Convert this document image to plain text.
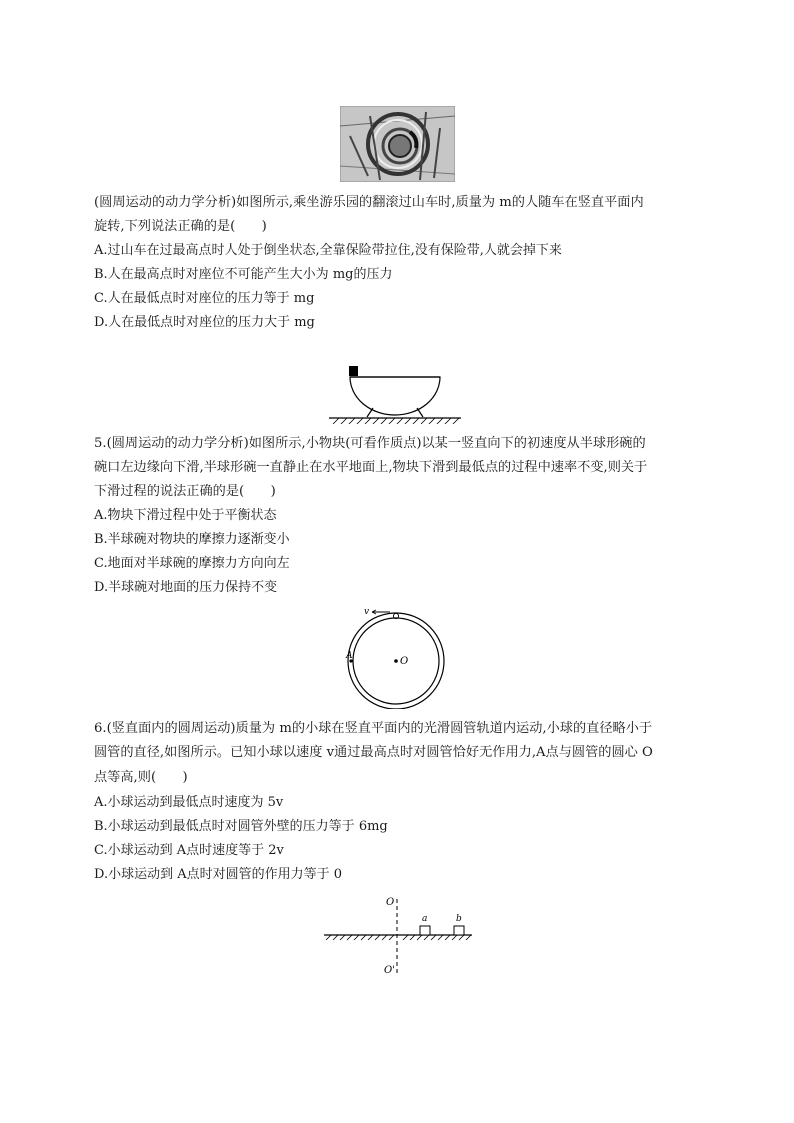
(圆周运动的动力学分析)如图所示,乘坐游乐园的翻滚过山车时,质量为 m的人随车在竖直平面内
旋转,下列说法正确的是(　　)
A.过山车在过最高点时人处于倒坐状态,全靠保险带拉住,没有保险带,人就会掉下来
B.人在最高点时对座位不可能产生大小为 mg的压力
C.人在最低点时对座位的压力等于 mg
D.人在最低点时对座位的压力大于 mg
5.(圆周运动的动力学分析)如图所示,小物块(可看作质点)以某一竖直向下的初速度从半球形碗的
碗口左边缘向下滑,半球形碗一直静止在水平地面上,物块下滑到最低点的过程中速率不变,则关于
下滑过程的说法正确的是(　　)
A.物块下滑过程中处于平衡状态
B.半球碗对物块的摩擦力逐渐变小
C.地面对半球碗的摩擦力方向向左
D.半球碗对地面的压力保持不变
v
A	O
6.(竖直面内的圆周运动)质量为 m的小球在竖直平面内的光滑圆管轨道内运动,小球的直径略小于
圆管的直径,如图所示。已知小球以速度 v通过最高点时对圆管恰好无作用力,A点与圆管的圆心 O
点等高,则(　　)
A.小球运动到最低点时速度为 5v
B.小球运动到最低点时对圆管外壁的压力等于 6mg
C.小球运动到 A点时速度等于 2v
D.小球运动到 A点时对圆管的作用力等于 0
O
O'
a	b
